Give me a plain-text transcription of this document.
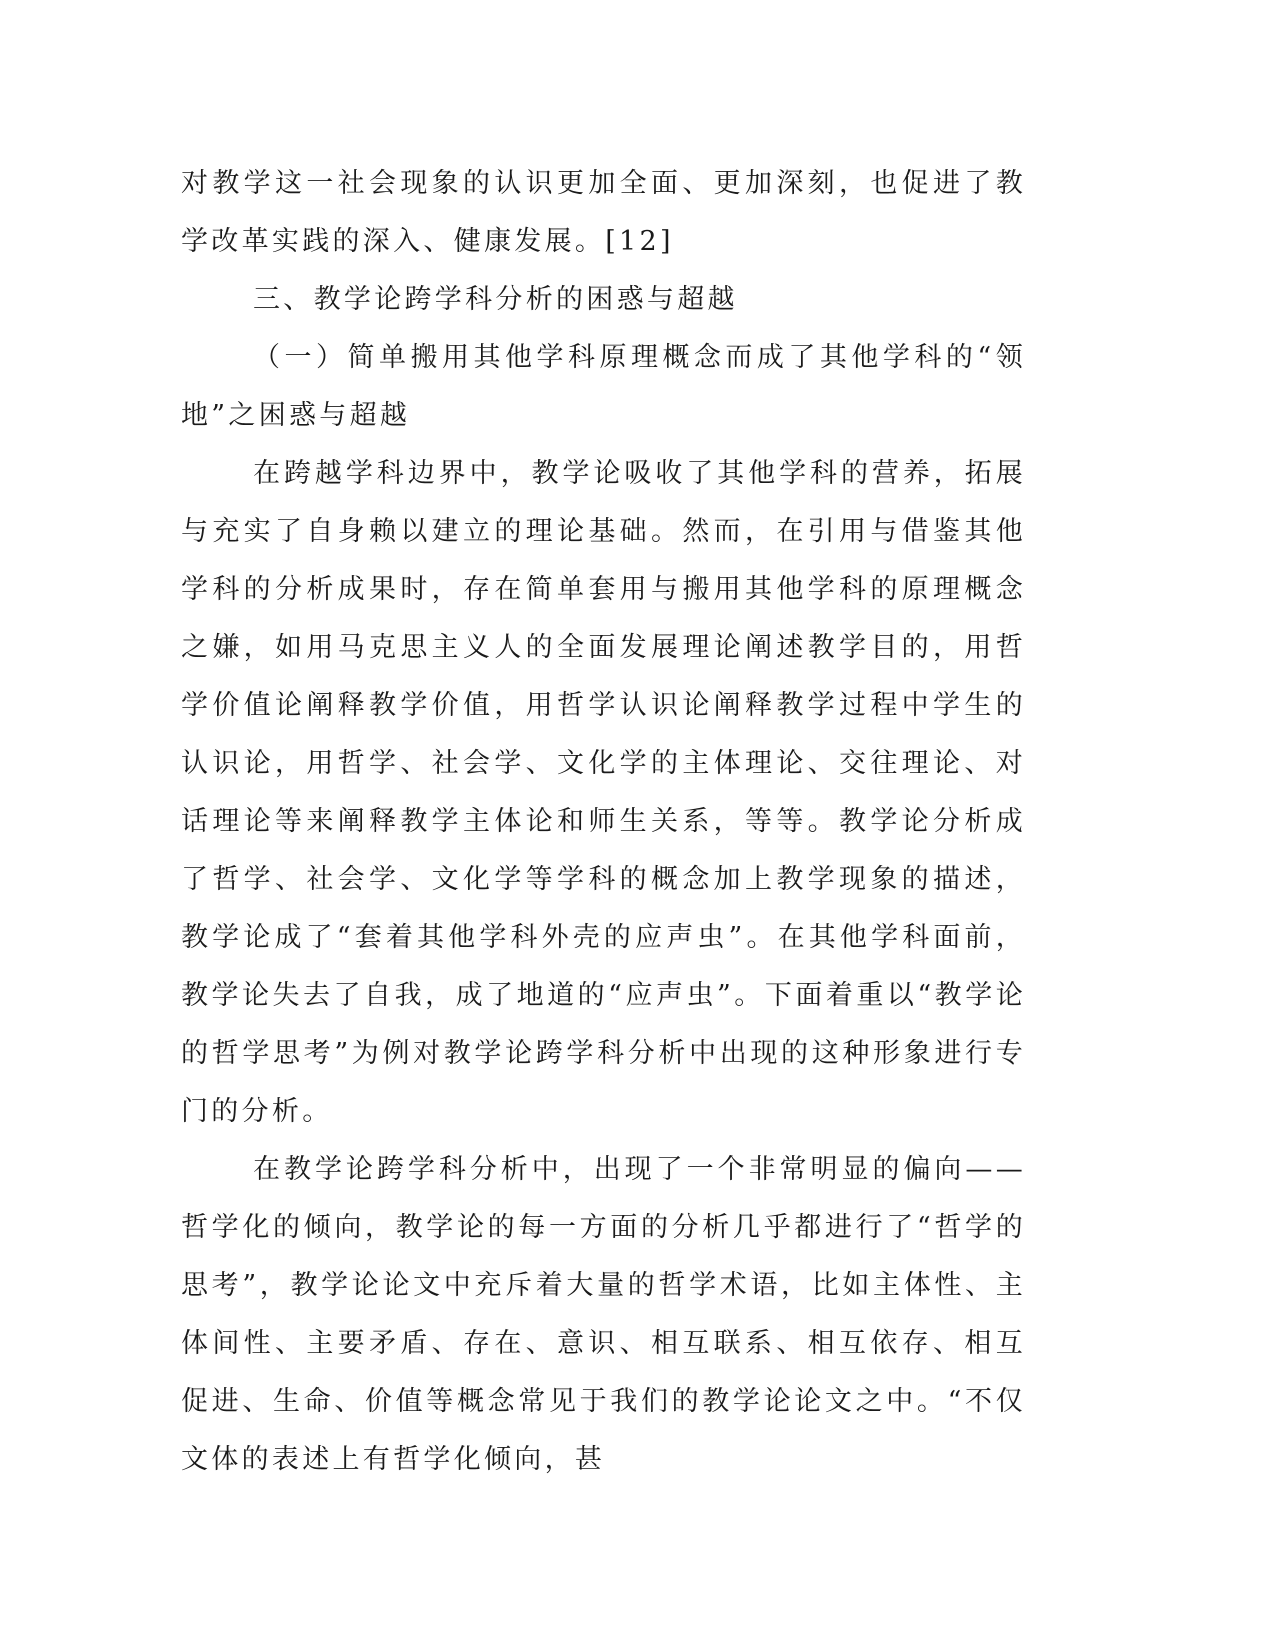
对教学这一社会现象的认识更加全面、更加深刻，也促进了教学改革实践的深入、健康发展。[12]

三、教学论跨学科分析的困惑与超越

（一）简单搬用其他学科原理概念而成了其他学科的“领地”之困惑与超越

在跨越学科边界中，教学论吸收了其他学科的营养，拓展与充实了自身赖以建立的理论基础。然而，在引用与借鉴其他学科的分析成果时，存在简单套用与搬用其他学科的原理概念之嫌，如用马克思主义人的全面发展理论阐述教学目的，用哲学价值论阐释教学价值，用哲学认识论阐释教学过程中学生的认识论，用哲学、社会学、文化学的主体理论、交往理论、对话理论等来阐释教学主体论和师生关系，等等。教学论分析成了哲学、社会学、文化学等学科的概念加上教学现象的描述，教学论成了“套着其他学科外壳的应声虫”。在其他学科面前，教学论失去了自我，成了地道的“应声虫”。下面着重以“教学论的哲学思考”为例对教学论跨学科分析中出现的这种形象进行专门的分析。

在教学论跨学科分析中，出现了一个非常明显的偏向——哲学化的倾向，教学论的每一方面的分析几乎都进行了“哲学的思考”，教学论论文中充斥着大量的哲学术语，比如主体性、主体间性、主要矛盾、存在、意识、相互联系、相互依存、相互促进、生命、价值等概念常见于我们的教学论论文之中。“不仅文体的表述上有哲学化倾向，甚
